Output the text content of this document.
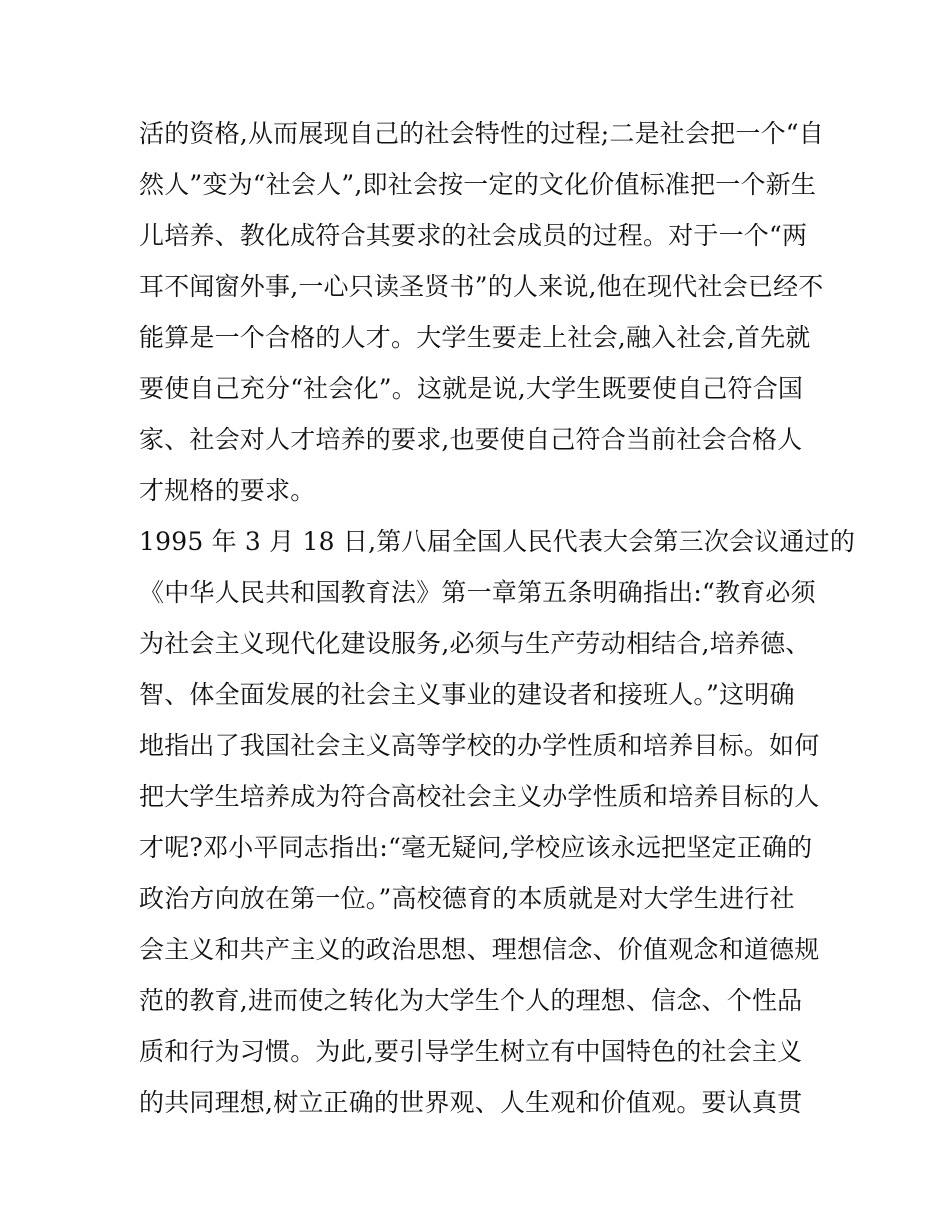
活的资格,从而展现自己的社会特性的过程;二是社会把一个“自
然人”变为“社会人”,即社会按一定的文化价值标准把一个新生
儿培养、教化成符合其要求的社会成员的过程。对于一个“两
耳不闻窗外事,一心只读圣贤书”的人来说,他在现代社会已经不
能算是一个合格的人才。大学生要走上社会,融入社会,首先就
要使自己充分“社会化”。这就是说,大学生既要使自己符合国
家、社会对人才培养的要求,也要使自己符合当前社会合格人
才规格的要求。
1995 年 3 月 18 日,第八届全国人民代表大会第三次会议通过的
《中华人民共和国教育法》第一章第五条明确指出:“教育必须
为社会主义现代化建设服务,必须与生产劳动相结合,培养德、
智、体全面发展的社会主义事业的建设者和接班人。”这明确
地指出了我国社会主义高等学校的办学性质和培养目标。如何
把大学生培养成为符合高校社会主义办学性质和培养目标的人
才呢?邓小平同志指出:“毫无疑问,学校应该永远把坚定正确的
政治方向放在第一位。”高校德育的本质就是对大学生进行社
会主义和共产主义的政治思想、理想信念、价值观念和道德规
范的教育,进而使之转化为大学生个人的理想、信念、个性品
质和行为习惯。为此,要引导学生树立有中国特色的社会主义
的共同理想,树立正确的世界观、人生观和价值观。要认真贯
